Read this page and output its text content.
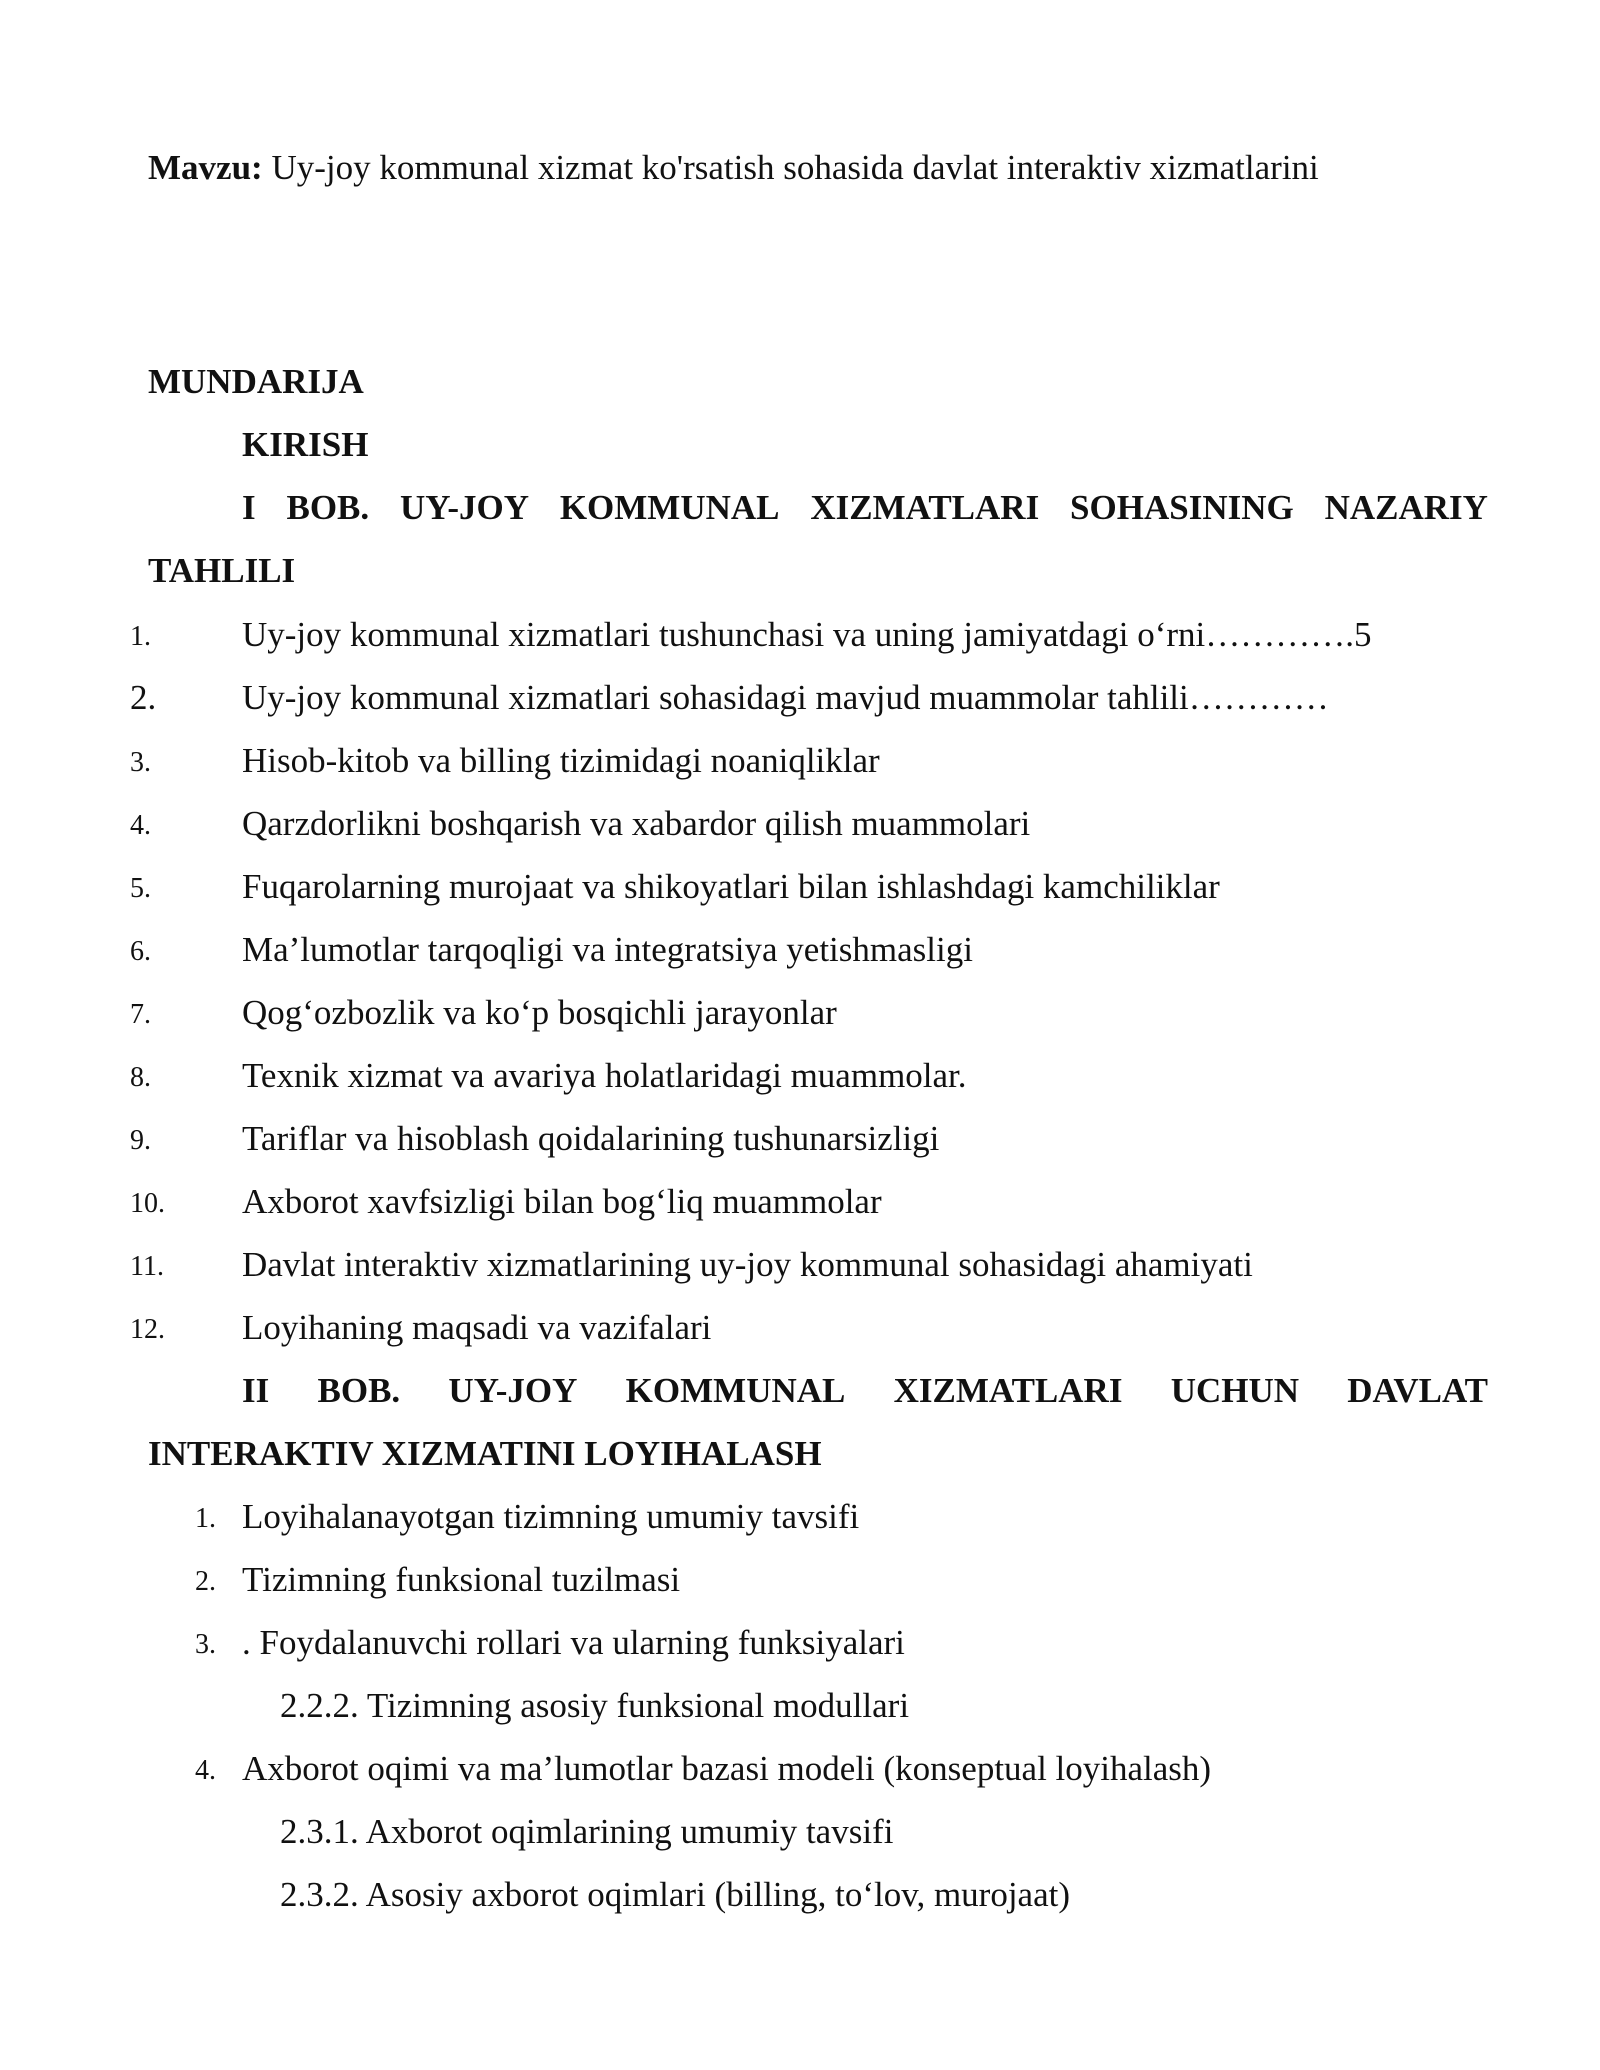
Mavzu: Uy-joy kommunal xizmat ko'rsatish sohasida davlat interaktiv xizmatlarini
MUNDARIJA
KIRISH
I BOB. UY-JOY KOMMUNAL XIZMATLARI SOHASINING NAZARIY
TAHLILI
1.	Uy-joy kommunal xizmatlari tushunchasi va uning jamiyatdagi o‘rni………….5
2. Uy-joy kommunal xizmatlari sohasidagi mavjud muammolar tahlili…………
3.	Hisob-kitob va billing tizimidagi noaniqliklar
4.	Qarzdorlikni boshqarish va xabardor qilish muammolari
5.	Fuqarolarning murojaat va shikoyatlari bilan ishlashdagi kamchiliklar
6.	Ma’lumotlar tarqoqligi va integratsiya yetishmasligi
7.	Qog‘ozbozlik va ko‘p bosqichli jarayonlar
8.	Texnik xizmat va avariya holatlaridagi muammolar.
9.	Tariflar va hisoblash qoidalarining tushunarsizligi
10. Axborot xavfsizligi bilan bog‘liq muammolar
11. Davlat interaktiv xizmatlarining uy-joy kommunal sohasidagi ahamiyati
12. Loyihaning maqsadi va vazifalari
II BOB. UY-JOY KOMMUNAL XIZMATLARI UCHUN DAVLAT
INTERAKTIV XIZMATINI LOYIHALASH
1. Loyihalanayotgan tizimning umumiy tavsifi
2. Tizimning funksional tuzilmasi
3. . Foydalanuvchi rollari va ularning funksiyalari
2.2.2. Tizimning asosiy funksional modullari
4. Axborot oqimi va ma’lumotlar bazasi modeli (konseptual loyihalash)
2.3.1. Axborot oqimlarining umumiy tavsifi
2.3.2. Asosiy axborot oqimlari (billing, to‘lov, murojaat)
